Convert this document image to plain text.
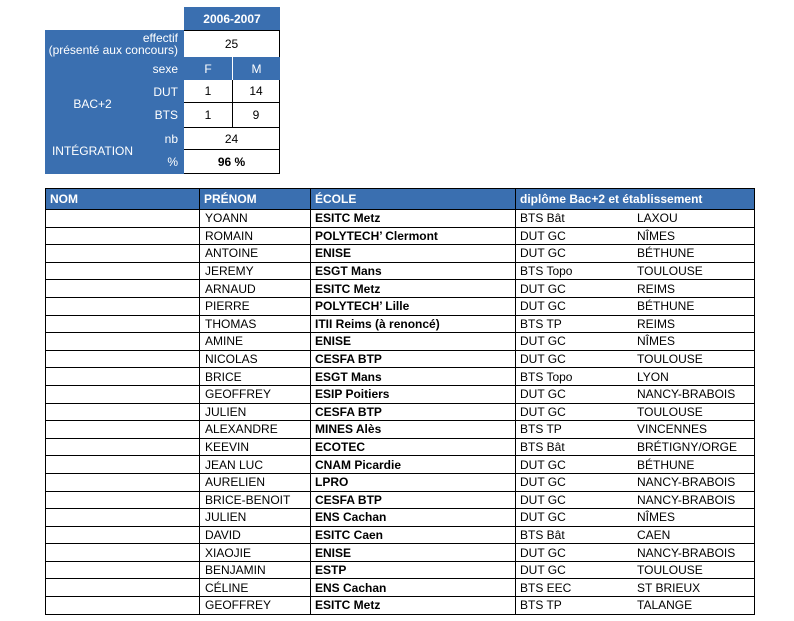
2006-2007
effectif
(présenté aux concours)	25
sexe	F	M
BAC+2
DUT	1	14
BTS	1	9
INTÉGRATION
nb	24
%	96 %
NOM	PRÉNOM	ÉCOLE	diplôme Bac+2 et établissement
	YOANN	ESITC Metz	BTS Bât LAXOU
	ROMAIN	POLYTECH’ Clermont	DUT GC NÎMES
	ANTOINE	ENISE	DUT GC BÉTHUNE
	JEREMY	ESGT Mans	BTS Topo TOULOUSE
	ARNAUD	ESITC Metz	DUT GC REIMS
	PIERRE	POLYTECH’ Lille	DUT GC BÉTHUNE
	THOMAS	ITII Reims (à renoncé)	BTS TP REIMS
	AMINE	ENISE	DUT GC NÎMES
	NICOLAS	CESFA BTP	DUT GC TOULOUSE
	BRICE	ESGT Mans	BTS Topo LYON
	GEOFFREY	ESIP Poitiers	DUT GC NANCY-BRABOIS
	JULIEN	CESFA BTP	DUT GC TOULOUSE
	ALEXANDRE	MINES Alès	BTS TP VINCENNES
	KEEVIN	ECOTEC	BTS Bât BRÉTIGNY/ORGE
	JEAN LUC	CNAM Picardie	DUT GC BÉTHUNE
	AURELIEN	LPRO	DUT GC NANCY-BRABOIS
	BRICE-BENOIT	CESFA BTP	DUT GC NANCY-BRABOIS
	JULIEN	ENS Cachan	DUT GC NÎMES
	DAVID	ESITC Caen	BTS Bât CAEN
	XIAOJIE	ENISE	DUT GC NANCY-BRABOIS
	BENJAMIN	ESTP	DUT GC TOULOUSE
	CÉLINE	ENS Cachan	BTS EEC ST BRIEUX
	GEOFFREY	ESITC Metz	BTS TP TALANGE
